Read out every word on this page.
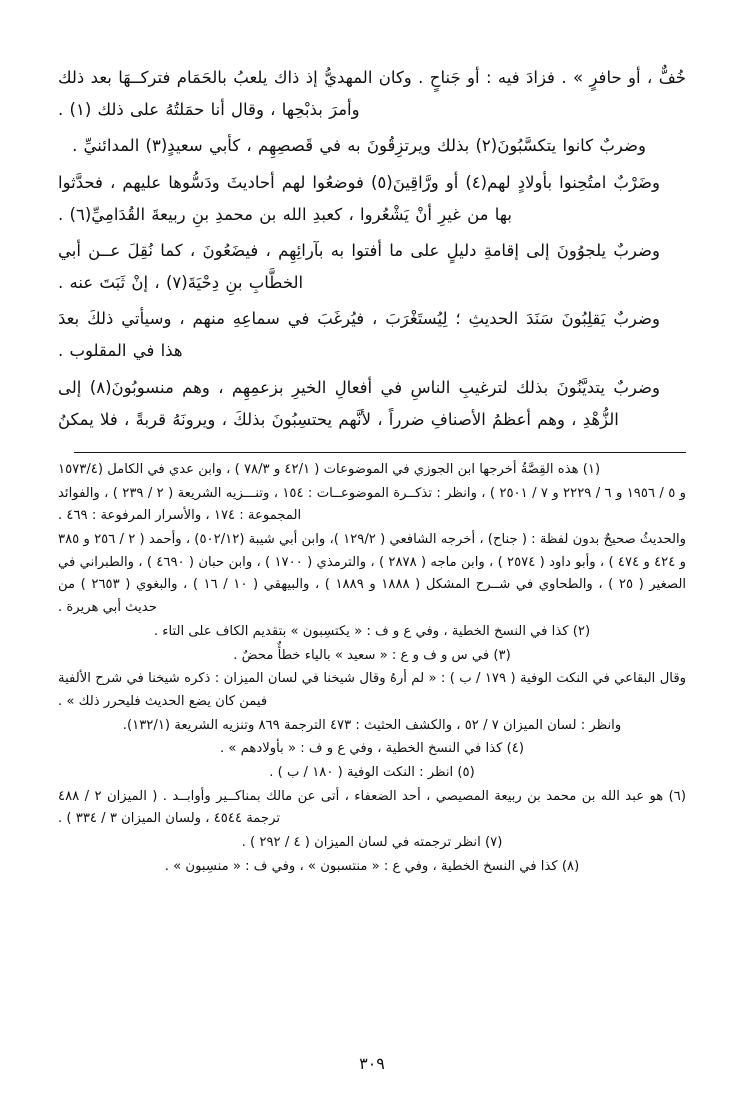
خُفٌّ ، أو حافرٍ » . فزادَ فيه : أو جَناحٍ . وكان المهديُّ إذ ذاك يلعبُ بالحَمَام فتركــهَا بعد ذلك وأمرَ بذبْحِها ، وقال أنا حمَلتُهُ على ذلك (١) .

وضربٌ كانوا يتكسَّبُونَ(٢) بذلك ويرتزِقُونَ به في قَصصِهِم ، كأبي سعيدٍ(٣) المدائنيِّ .

وضَرْبٌ امتُحِنوا بأولادٍ لهم(٤) أو ورَّاقِينَ(٥) فوضعُوا لهم أحاديثَ ودَسُّوها عليهم ، فحدَّثوا بها من غيرِ أنْ يَشْعُروا ، كعبدِ الله بن محمدِ بنِ ربيعةَ القُدَامِيِّ(٦) .

وضربٌ يلجوُونَ إلى إقامةِ دليلٍ على ما أفتوا به بآرائِهِم ، فيضَعُونَ ، كما نُقِلَ عــن أبي الخطَّابِ بنِ دِحْيَةَ(٧) ، إنْ ثَبَتَ عنه .

وضربٌ يَقلِبُونَ سَنَدَ الحديثِ ؛ لِيُستَغْرَبَ ، فيُرغَبَ في سماعِهِ منهم ، وسيأتي ذلكَ بعدَ هذا في المقلوب .

وضربٌ يتديَّنُونَ بذلك لترغيبِ الناسِ في أفعالِ الخيرِ بزعمِهِم ، وهم منسوبُونَ(٨) إلى الزُّهْدِ ، وهم أعظمُ الأصنافِ ضرراً ، لأنَّهم يحتسِبُونَ بذلكَ ، ويرونَهُ قربةً ، فلا يمكنُ

(١) هذه القِصَّةُ أخرجها ابن الجوزي في الموضوعات ( ٤٢/١ و ٧٨/٣ ) ، وابن عدي في الكامل (١٥٧٣/٤

و ٥ / ١٩٥٦ و ٦ / ٢٢٢٩ و ٧ / ٢٥٠١ ) ، وانظر : تذكــرة الموضوعــات : ١٥٤ ، وتنـــزيه الشريعة ( ٢ / ٢٣٩ ) ، والفوائد المجموعة : ١٧٤ ، والأسرار المرفوعة : ٤٦٩ .

والحديثُ صحيحٌ بدون لفظة : ( جناح) ، أخرجه الشافعي ( ١٢٩/٢ )، وابن أبي شيبة (٥٠٢/١٢) ، وأحمد ( ٢ / ٢٥٦ و ٣٨٥ و ٤٢٤ و ٤٧٤ ) ، وأبو داود ( ٢٥٧٤ ) ، وابن ماجه ( ٢٨٧٨ ) ، والترمذي ( ١٧٠٠ ) ، وابن حبان ( ٤٦٩٠ ) ، والطبراني في الصغير ( ٢٥ ) ، والطحاوي في شــرح المشكل ( ١٨٨٨ و ١٨٨٩ ) ، والبيهقي ( ١٠ / ١٦ ) ، والبغوي ( ٢٦٥٣ ) من حديث أبي هريرة .

(٢) كذا في النسخ الخطية ، وفي ع و ف : « يكتسِبون » بتقديم الكاف على التاء .

(٣) في س و ف و ع : « سعيد » بالياء خطأٌ محضٌ .

وقال البقاعي في النكت الوفية ( ١٧٩ / ب ) : « لم أرهُ وقال شيخنا في لسان الميزان : ذكره شيخنا في شرح الألفية فيمن كان يضع الحديث فليحرر ذلك » .

وانظر : لسان الميزان ٧ / ٥٢ ، والكشف الحثيث : ٤٧٣ الترجمة ٨٦٩ وتنزيه الشريعة (١٣٢/١).

(٤) كذا في النسخ الخطية ، وفي ع و ف : « بأولادهم » .

(٥) انظر : النكت الوفية ( ١٨٠ / ب ) .

(٦) هو عبد الله بن محمد بن ربيعة المصيصي ، أحد الضعفاء ، أتى عن مالك بمناكــير وأوابــد . ( الميزان ٢ / ٤٨٨ ترجمة ٤٥٤٤ ، ولسان الميزان ٣ / ٣٣٤ ) .

(٧) انظر ترجمته في لسان الميزان ( ٤ / ٢٩٢ ) .

(٨) كذا في النسخ الخطية ، وفي ع : « منتسبون » ، وفي ف : « منسِبون » .

٣٠٩
